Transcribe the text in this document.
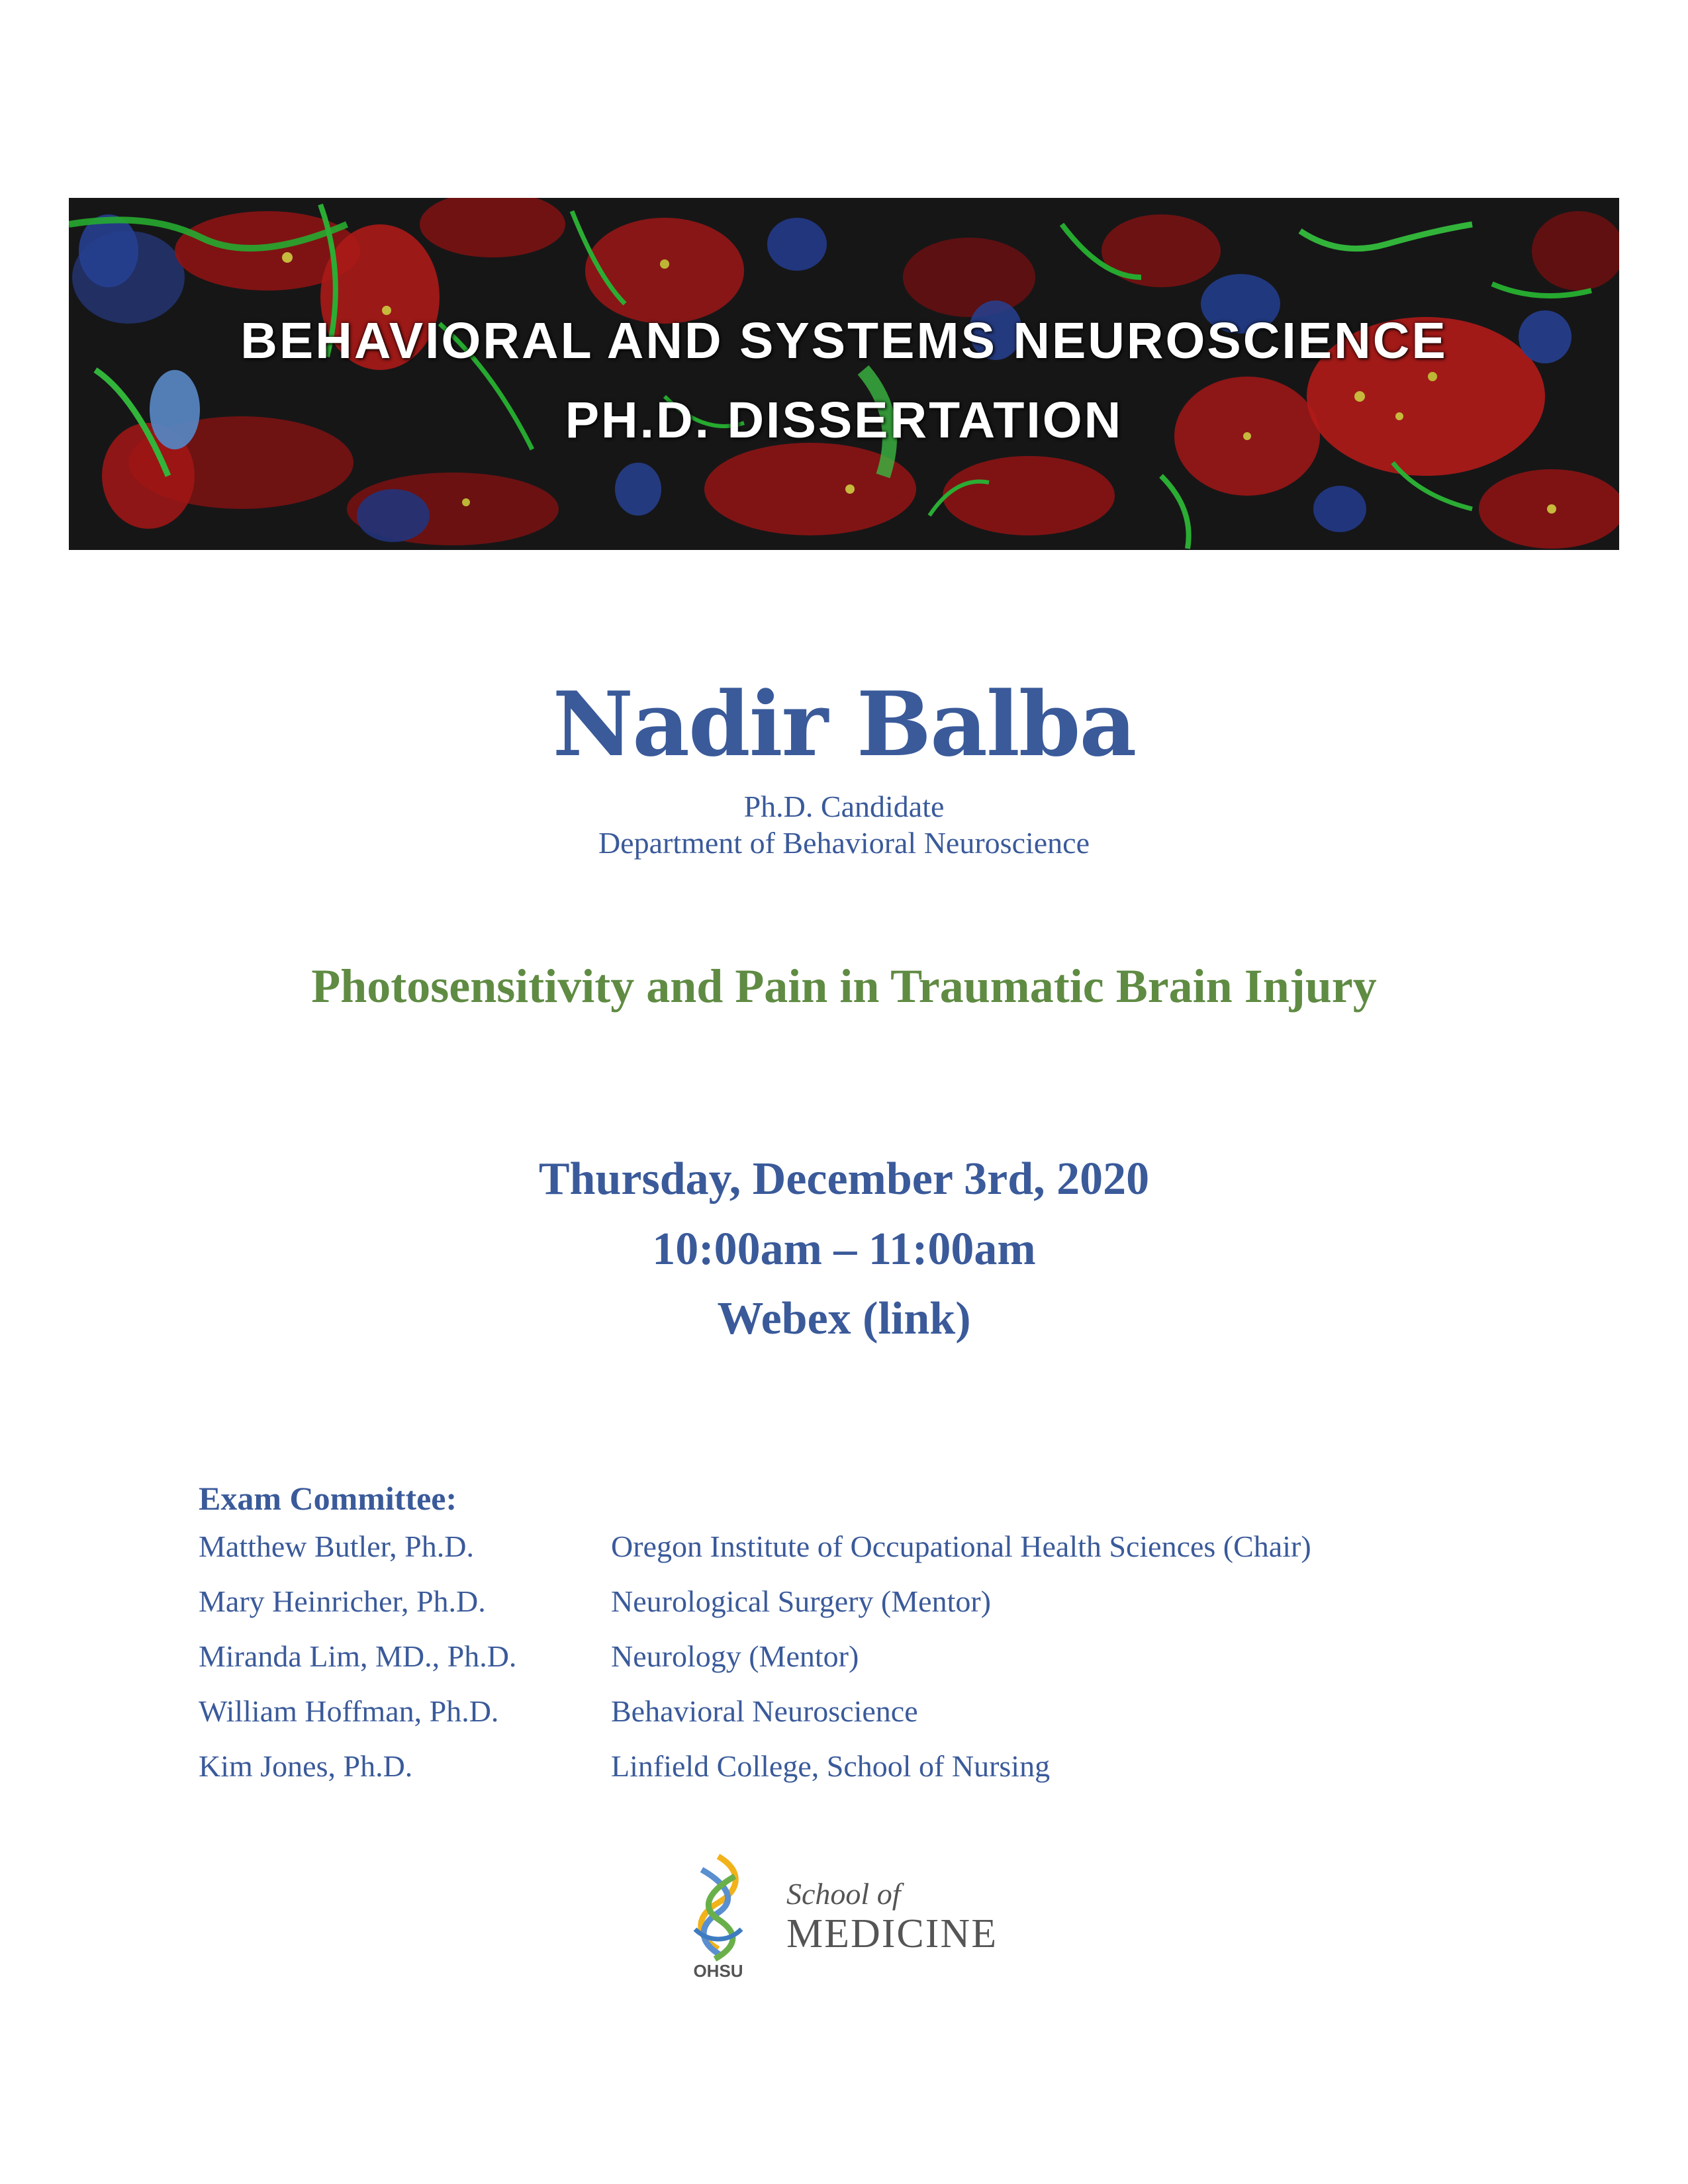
BEHAVIORAL AND SYSTEMS NEUROSCIENCE
PH.D. DISSERTATION
Nadir Balba
Ph.D. Candidate
Department of Behavioral Neuroscience
Photosensitivity and Pain in Traumatic Brain Injury
Thursday, December 3rd, 2020
10:00am – 11:00am
Webex (link)
Exam Committee:
Matthew Butler, Ph.D.	Oregon Institute of Occupational Health Sciences (Chair)
Mary Heinricher, Ph.D.	Neurological Surgery (Mentor)
Miranda Lim, MD., Ph.D.	Neurology (Mentor)
William Hoffman, Ph.D.	Behavioral Neuroscience
Kim Jones, Ph.D.	Linfield College, School of Nursing
OHSU
School of
MEDICINE
